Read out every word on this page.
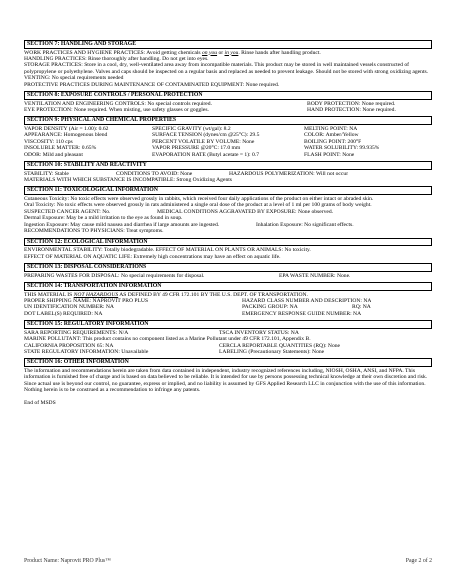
SECTION 7: HANDLING AND STORAGE

WORK PRACTICES AND HYGIENE PRACTICES: Avoid getting chemicals on you or in you. Rinse hands after handling product.

HANDLING PRACTICES: Rinse thoroughly after handling. Do not get into eyes.

STORAGE PRACTICES: Store in a cool, dry, well-ventilated area away from incompatible materials. This product may be stored in well maintained vessels constructed of polypropylene or polyethylene. Valves and caps should be inspected on a regular basis and replaced as needed to prevent leakage. Should not be stored with strong oxidizing agents. VENTING: No special requirements needed

PROTECTIVE PRACTICES DURING MAINTENANCE OF CONTAMINATED EQUIPMENT: None required.

SECTION 8: EXPOSURE CONTROLS / PERSONAL PROTECTION
VENTILATION AND ENGINEERING CONTROLS: No special controls required.	BODY PROTECTION: None required.
EYE PROTECTION: None required. When misting, use safety glasses or goggles.	HAND PROTECTION: None required.
SECTION 9: PHYSICAL AND CHEMICAL PROPERTIES
VAPOR DENSITY (Air = 1.00): 0.62	SPECIFIC GRAVITY (wt/gal): 8.2	MELTING POINT: NA
APPEARANCE: Homogenous blend	SURFACE TENSION (dynes/cm @25°C): 29.5	COLOR: Amber/Yellow
VISCOSITY: 110 cps	PERCENT VOLATILE BY VOLUME: None	BOILING POINT: 200°F
INSOLUBLE MATTER: 0.65%	VAPOR PRESSURE @20°C: 17.0 mm	WATER SOLUBILITY: 99.935%
ODOR: Mild and pleasant	EVAPORATION RATE (Butyl acetate = 1): 0.7	FLASH POINT: None
SECTION 10: STABILITY AND REACTIVITY
STABILITY: Stable	CONDITIONS TO AVOID: None	HAZARDOUS POLYMERIZATION: Will not occur

MATERIALS WITH WHICH SUBSTANCE IS INCOMPATIBLE: Strong Oxidizing Agents

SECTION 11: TOXICOLOGICAL INFORMATION

Cutaneous Toxicity: No toxic effects were observed grossly in rabbits, which received four daily applications of the product on either intact or abraded skin.

Oral Toxicity: No toxic effects were observed grossly in rats administered a single oral dose of the product at a level of 1 ml per 100 grams of body weight.

SUSPECTED CANCER AGENT: No.	MEDICAL CONDITIONS AGGRAVATED BY EXPOSURE: None observed.

Dermal Exposure: May be a mild irritation to the eye as found in soup.

Ingestion Exposure: May cause mild nausea and diarrhea if large amounts are ingested.	Inhalation Exposure: No significant effects.

RECOMMENDATIONS TO PHYSICIANS: Treat symptoms.

SECTION 12: ECOLOGICAL INFORMATION

ENVIRONMENTAL STABILITY: Totally biodegradable. EFFECT OF MATERIAL ON PLANTS OR ANIMALS: No toxicity.

EFFECT OF MATERIAL ON AQUATIC LIFE: Extremely high concentrations may have an effect on aquatic life.

SECTION 13: DISPOSAL CONSIDERATIONS
PREPARING WASTES FOR DISPOSAL: No special requirements for disposal.	EPA WASTE NUMBER: None.
SECTION 14: TRANSPORTATION INFORMATION

THIS MATERIAL IS NOT HAZARDOUS AS DEFINED BY 49 CFR 172.101 BY THE U.S. DEPT. OF TRANSPORTATION.

PROPER SHIPPING NAME: NAPROVIT PRO PLUS	HAZARD CLASS NUMBER AND DESCRIPTION: NA
UN IDENTIFICATION NUMBER: NA	PACKING GROUP: NA	RQ: NA
DOT LABEL(S) REQUIRED: NA	EMERGENCY RESPONSE GUIDE NUMBER: NA
SECTION 15: REGULATORY INFORMATION
SARA REPORTING REQUIREMENTS: N/A	TSCA INVENTORY STATUS: NA

MARINE POLLUTANT: This product contains no component listed as a Marine Pollutant under 49 CFR 172.101, Appendix B.

CALIFORNIA PROPOSITION 65: NA	CERCLA REPORTABLE QUANTITIES (RQ): None
STATE REGULATORY INFORMATION: Unavailable	LABELING (Precautionary Statements): None
SECTION 16: OTHER INFORMATION

The information and recommendations herein are taken from data contained in independent, industry recognized references including, NIOSH, OSHA, ANSI, and NFPA. This information is furnished free of charge and is based on data believed to be reliable. It is intended for use by persons possessing technical knowledge at their own discretion and risk. Since actual use is beyond our control, no guarantee, express or implied, and no liability is assumed by GFS Applied Research LLC in conjunction with the use of this information. Nothing herein is to be construed as a recommendation to infringe any patents.

End of MSDS

Product Name: Naprovit PRO Plus™	Page 2 of 2
